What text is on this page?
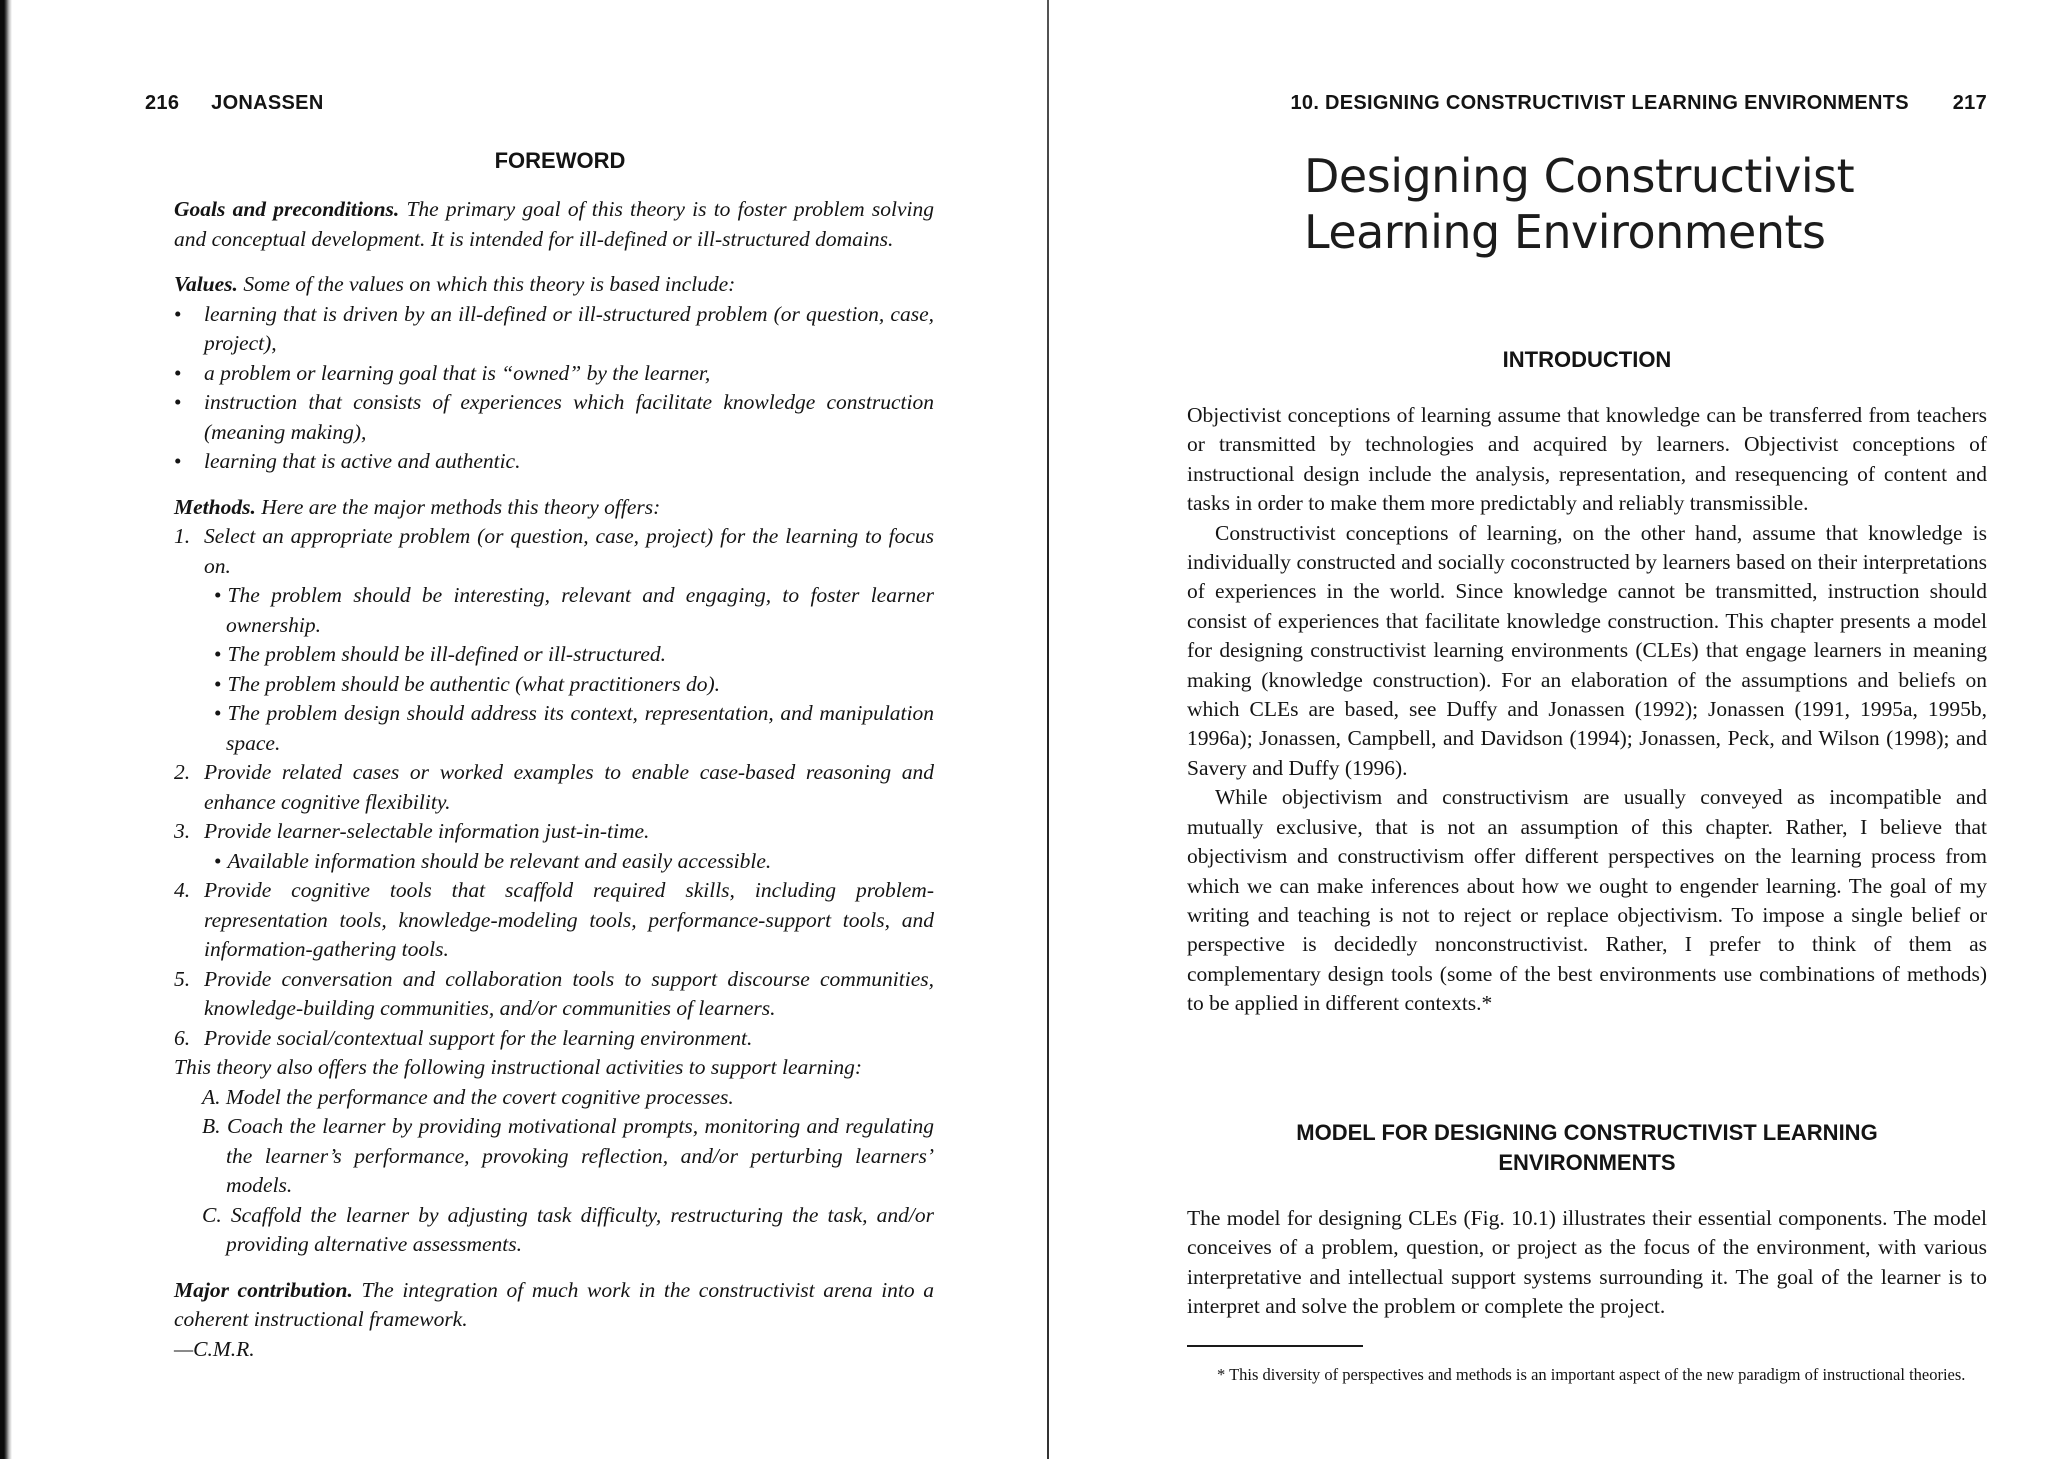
216 JONASSEN
FOREWORD

Goals and preconditions. The primary goal of this theory is to foster problem solving and conceptual development. It is intended for ill-defined or ill-structured domains.

Values. Some of the values on which this theory is based include:

• learning that is driven by an ill-defined or ill-structured problem (or question, case, project),
• a problem or learning goal that is “owned” by the learner,
• instruction that consists of experiences which facilitate knowledge construction (meaning making),
• learning that is active and authentic.

Methods. Here are the major methods this theory offers:

1. Select an appropriate problem (or question, case, project) for the learning to focus on.
• The problem should be interesting, relevant and engaging, to foster learner ownership.
• The problem should be ill-defined or ill-structured.
• The problem should be authentic (what practitioners do).
• The problem design should address its context, representation, and manipulation space.
2. Provide related cases or worked examples to enable case-based reasoning and enhance cognitive flexibility.
3. Provide learner-selectable information just-in-time.
• Available information should be relevant and easily accessible.
4. Provide cognitive tools that scaffold required skills, including problem-representation tools, knowledge-modeling tools, performance-support tools, and information-gathering tools.
5. Provide conversation and collaboration tools to support discourse communities, knowledge-building communities, and/or communities of learners.
6. Provide social/contextual support for the learning environment.

This theory also offers the following instructional activities to support learning:

A. Model the performance and the covert cognitive processes.
B. Coach the learner by providing motivational prompts, monitoring and regulating the learner’s performance, provoking reflection, and/or perturbing learners’ models.
C. Scaffold the learner by adjusting task difficulty, restructuring the task, and/or providing alternative assessments.

Major contribution. The integration of much work in the constructivist arena into a coherent instructional framework.

—C.M.R.

10. DESIGNING CONSTRUCTIVIST LEARNING ENVIRONMENTS 217
Designing Constructivist
Learning Environments
INTRODUCTION

Objectivist conceptions of learning assume that knowledge can be transferred from teachers or transmitted by technologies and acquired by learners. Objectivist conceptions of instructional design include the analysis, representation, and resequencing of content and tasks in order to make them more predictably and reliably transmissible.

Constructivist conceptions of learning, on the other hand, assume that knowledge is individually constructed and socially coconstructed by learners based on their interpretations of experiences in the world. Since knowledge cannot be transmitted, instruction should consist of experiences that facilitate knowledge construction. This chapter presents a model for designing constructivist learning environments (CLEs) that engage learners in meaning making (knowledge construction). For an elaboration of the assumptions and beliefs on which CLEs are based, see Duffy and Jonassen (1992); Jonassen (1991, 1995a, 1995b, 1996a); Jonassen, Campbell, and Davidson (1994); Jonassen, Peck, and Wilson (1998); and Savery and Duffy (1996).

While objectivism and constructivism are usually conveyed as incompatible and mutually exclusive, that is not an assumption of this chapter. Rather, I believe that objectivism and constructivism offer different perspectives on the learning process from which we can make inferences about how we ought to engender learning. The goal of my writing and teaching is not to reject or replace objectivism. To impose a single belief or perspective is decidedly nonconstructivist. Rather, I prefer to think of them as complementary design tools (some of the best environments use combinations of methods) to be applied in different contexts.*

MODEL FOR DESIGNING CONSTRUCTIVIST LEARNING
ENVIRONMENTS

The model for designing CLEs (Fig. 10.1) illustrates their essential components. The model conceives of a problem, question, or project as the focus of the environment, with various interpretative and intellectual support systems surrounding it. The goal of the learner is to interpret and solve the problem or complete the project.

* This diversity of perspectives and methods is an important aspect of the new paradigm of instructional theories.
